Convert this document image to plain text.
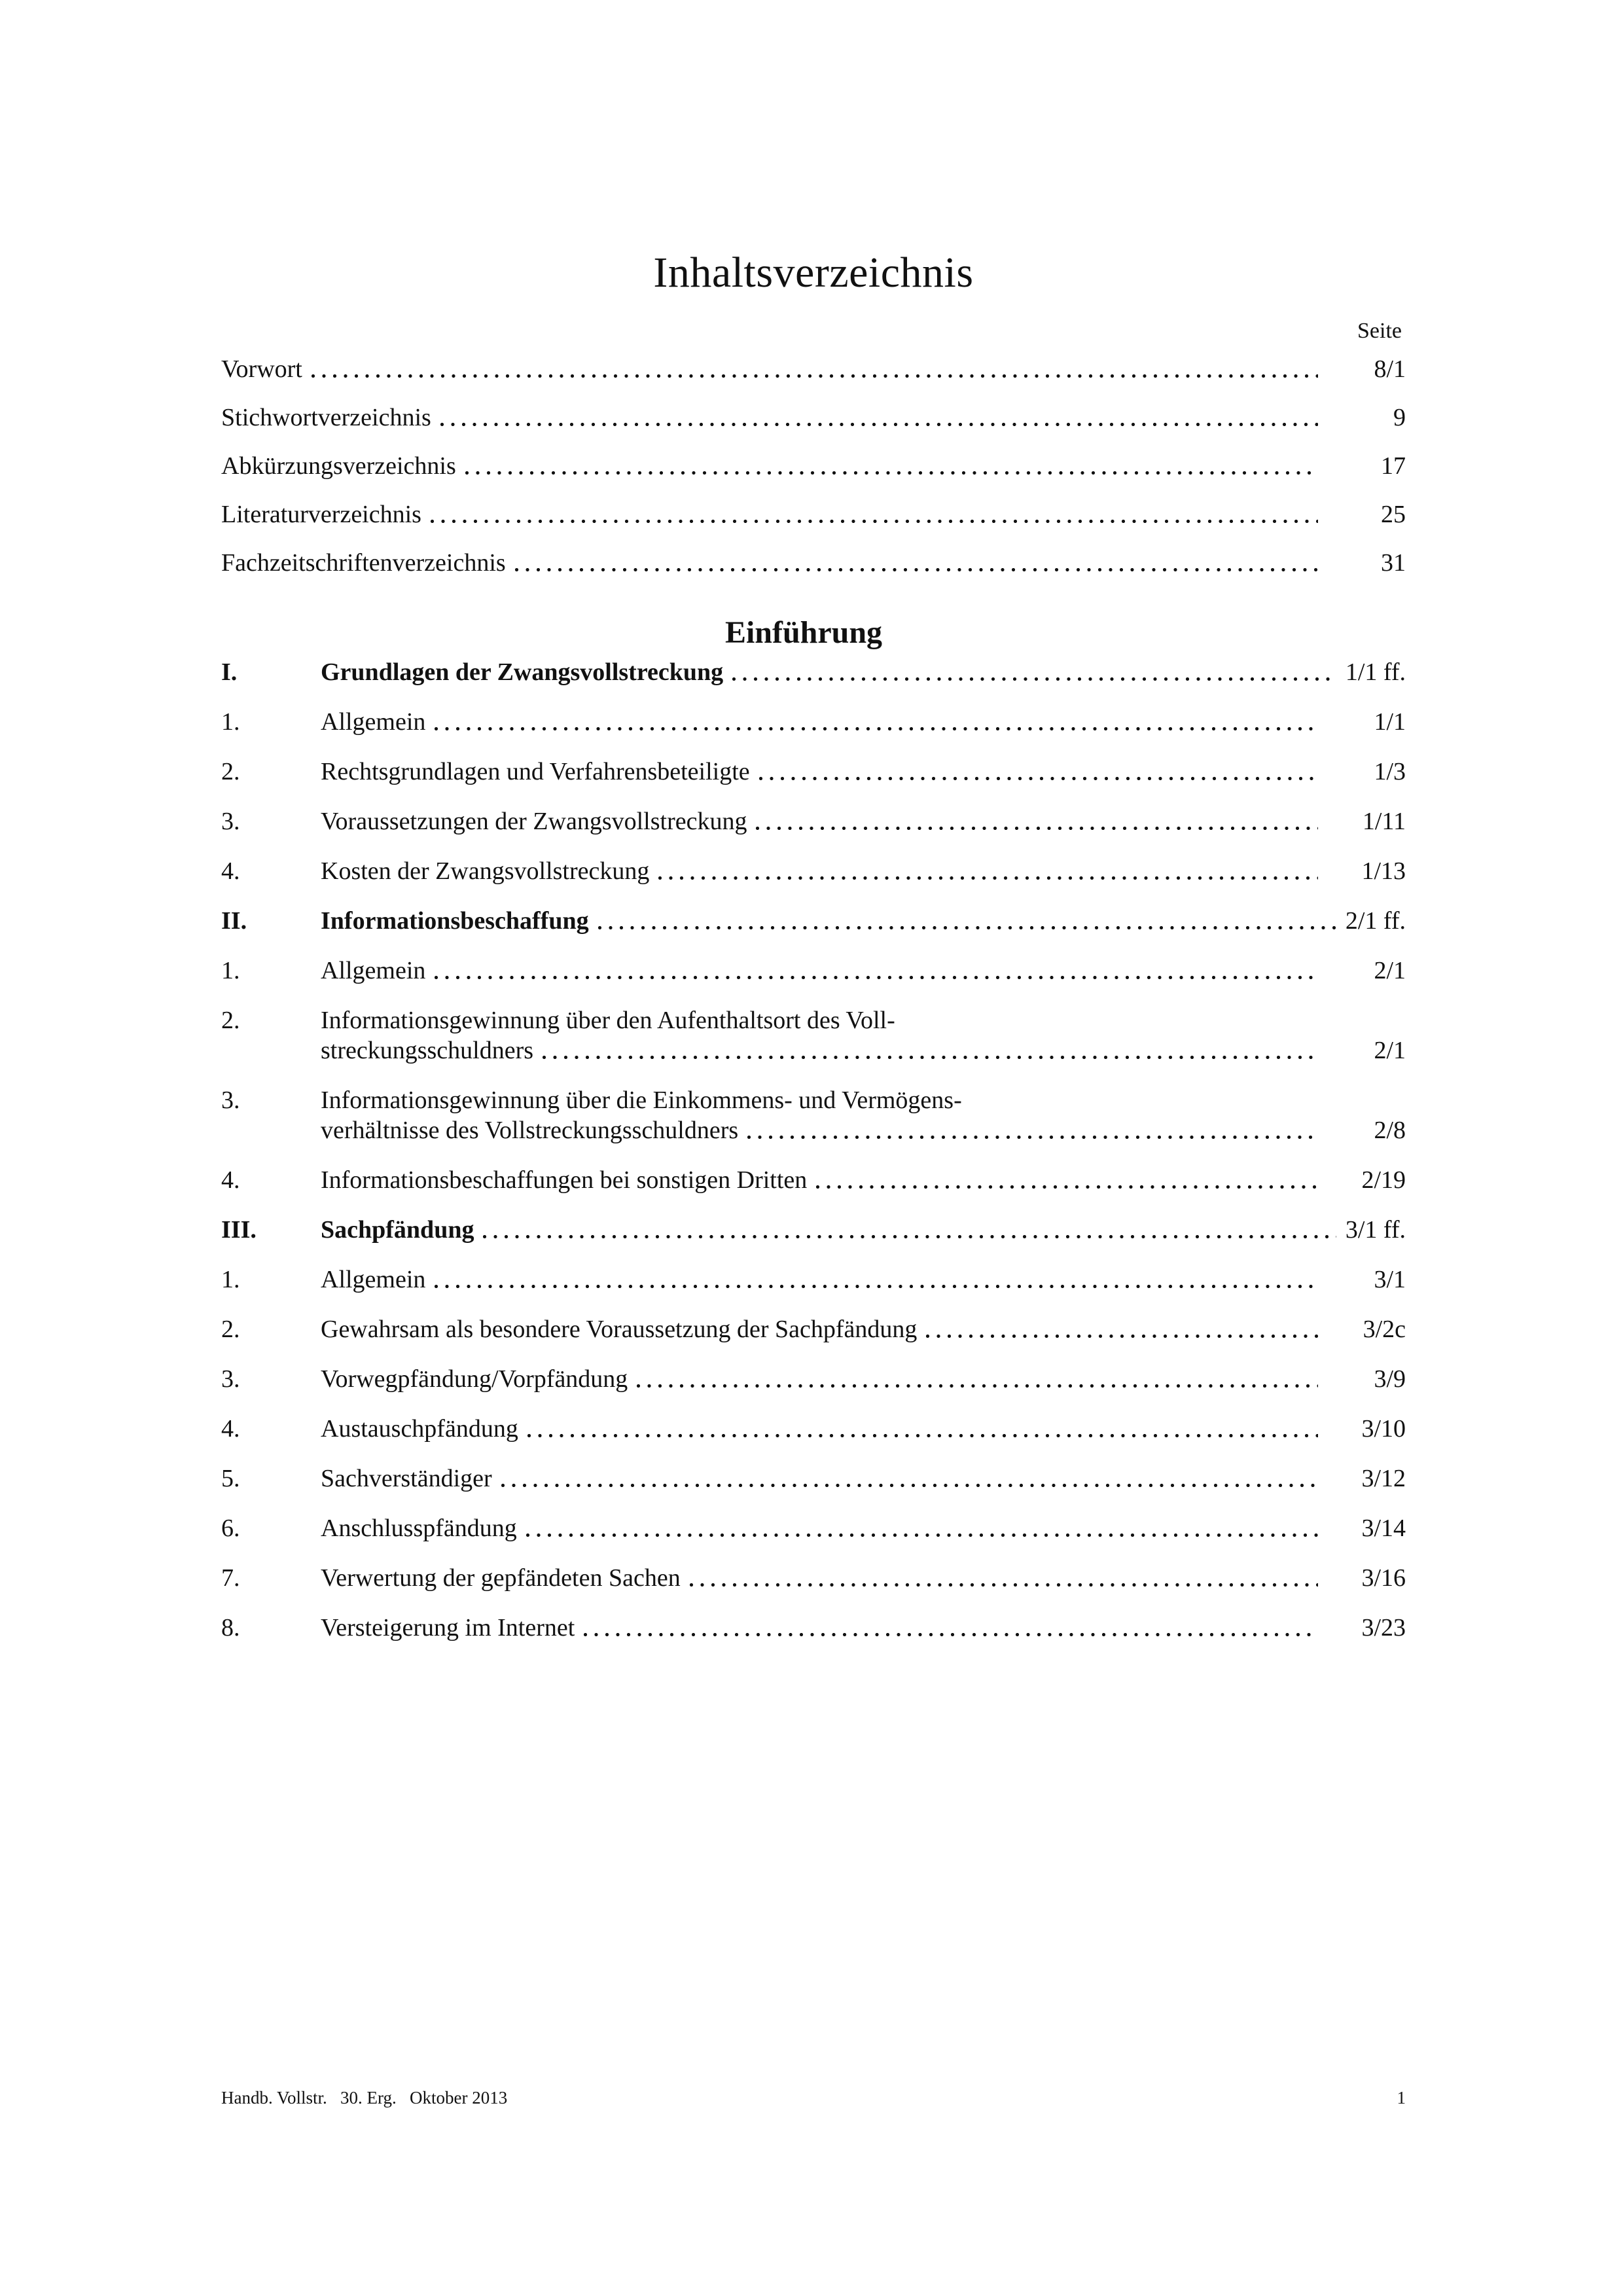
Inhaltsverzeichnis
Seite
Vorwort	8/1
Stichwortverzeichnis	9
Abkürzungsverzeichnis	17
Literaturverzeichnis	25
Fachzeitschriftenverzeichnis	31
Einführung
I.	Grundlagen der Zwangsvollstreckung	1/1 ff.
1.	Allgemein	1/1
2.	Rechtsgrundlagen und Verfahrensbeteiligte	1/3
3.	Voraussetzungen der Zwangsvollstreckung	1/11
4.	Kosten der Zwangsvollstreckung	1/13
II.	Informationsbeschaffung	2/1 ff.
1.	Allgemein	2/1
2.	Informationsgewinnung über den Aufenthaltsort des Voll-
streckungsschuldners	2/1
3.	Informationsgewinnung über die Einkommens- und Vermögens-
verhältnisse des Vollstreckungsschuldners	2/8
4.	Informationsbeschaffungen bei sonstigen Dritten	2/19
III.	Sachpfändung	3/1 ff.
1.	Allgemein	3/1
2.	Gewahrsam als besondere Voraussetzung der Sachpfändung	3/2c
3.	Vorwegpfändung/Vorpfändung	3/9
4.	Austauschpfändung	3/10
5.	Sachverständiger	3/12
6.	Anschlusspfändung	3/14
7.	Verwertung der gepfändeten Sachen	3/16
8.	Versteigerung im Internet	3/23
Handb. Vollstr.   30. Erg.   Oktober 2013	1
